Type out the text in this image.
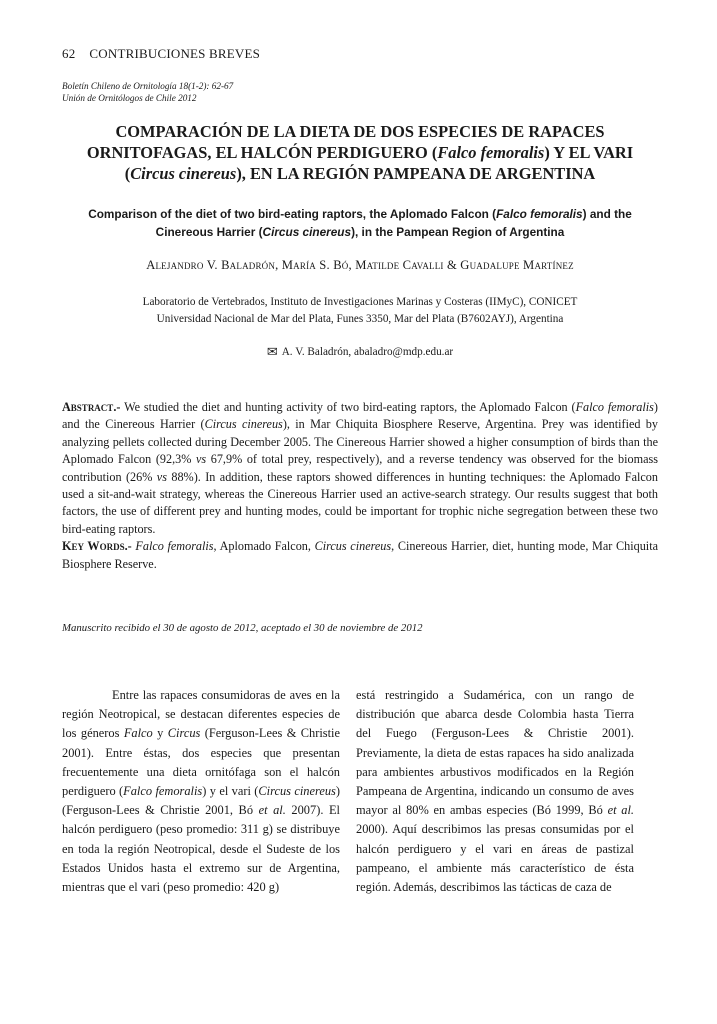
62 CONTRIBUCIONES BREVES
Boletín Chileno de Ornitología 18(1-2): 62-67
Unión de Ornitólogos de Chile 2012
COMPARACIÓN DE LA DIETA DE DOS ESPECIES DE RAPACES ORNITOFAGAS, EL HALCÓN PERDIGUERO (Falco femoralis) Y EL VARI (Circus cinereus), EN LA REGIÓN PAMPEANA DE ARGENTINA
Comparison of the diet of two bird-eating raptors, the Aplomado Falcon (Falco femoralis) and the Cinereous Harrier (Circus cinereus), in the Pampean Region of Argentina
Alejandro V. Baladrón, María S. Bó, Matilde Cavalli & Guadalupe Martínez
Laboratorio de Vertebrados, Instituto de Investigaciones Marinas y Costeras (IIMyC), CONICET
Universidad Nacional de Mar del Plata, Funes 3350, Mar del Plata (B7602AYJ), Argentina
✉ A. V. Baladrón, abaladro@mdp.edu.ar

Abstract.- We studied the diet and hunting activity of two bird-eating raptors, the Aplomado Falcon (Falco femoralis) and the Cinereous Harrier (Circus cinereus), in Mar Chiquita Biosphere Reserve, Argentina. Prey was identified by analyzing pellets collected during December 2005. The Cinereous Harrier showed a higher consumption of birds than the Aplomado Falcon (92,3% vs 67,9% of total prey, respectively), and a reverse tendency was observed for the biomass contribution (26% vs 88%). In addition, these raptors showed differences in hunting techniques: the Aplomado Falcon used a sit-and-wait strategy, whereas the Cinereous Harrier used an active-search strategy. Our results suggest that both factors, the use of different prey and hunting modes, could be important for trophic niche segregation between these two bird-eating raptors.

Key Words.- Falco femoralis, Aplomado Falcon, Circus cinereus, Cinereous Harrier, diet, hunting mode, Mar Chiquita Biosphere Reserve.

Manuscrito recibido el 30 de agosto de 2012, aceptado el 30 de noviembre de 2012

Entre las rapaces consumidoras de aves en la región Neotropical, se destacan diferentes especies de los géneros Falco y Circus (Ferguson-Lees & Christie 2001). Entre éstas, dos especies que presentan frecuentemente una dieta ornitófaga son el halcón perdiguero (Falco femoralis) y el vari (Circus cinereus) (Ferguson-Lees & Christie 2001, Bó et al. 2007). El halcón perdiguero (peso promedio: 311 g) se distribuye en toda la región Neotropical, desde el Sudeste de los Estados Unidos hasta el extremo sur de Argentina, mientras que el vari (peso promedio: 420 g)

está restringido a Sudamérica, con un rango de distribución que abarca desde Colombia hasta Tierra del Fuego (Ferguson-Lees & Christie 2001). Previamente, la dieta de estas rapaces ha sido analizada para ambientes arbustivos modificados en la Región Pampeana de Argentina, indicando un consumo de aves mayor al 80% en ambas especies (Bó 1999, Bó et al. 2000). Aquí describimos las presas consumidas por el halcón perdiguero y el vari en áreas de pastizal pampeano, el ambiente más característico de ésta región. Además, describimos las tácticas de caza de
